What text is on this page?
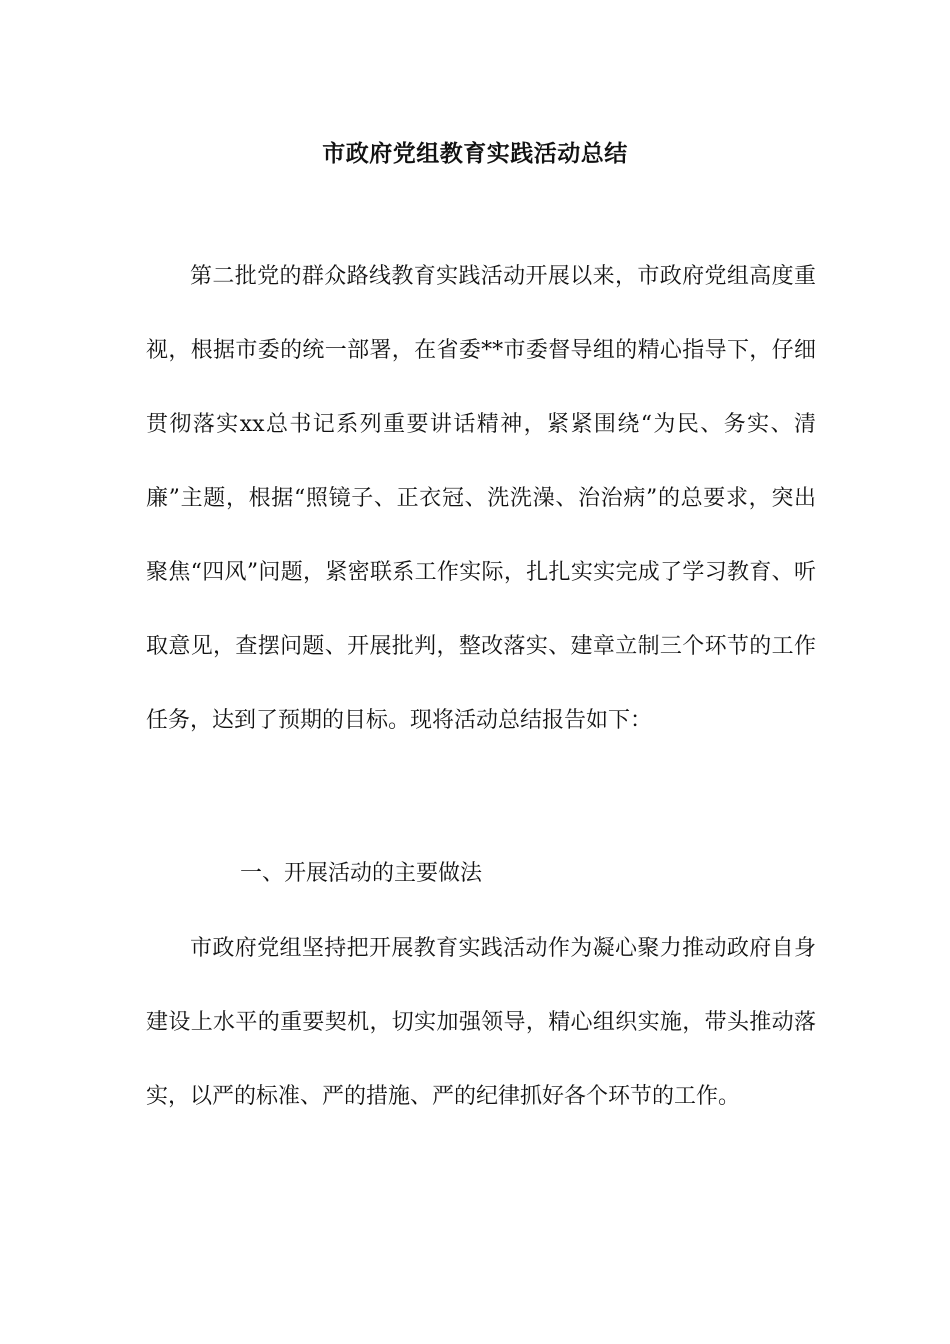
市政府党组教育实践活动总结

第二批党的群众路线教育实践活动开展以来，市政府党组高度重视，根据市委的统一部署，在省委**市委督导组的精心指导下，仔细贯彻落实xx总书记系列重要讲话精神，紧紧围绕“为民、务实、清廉”主题，根据“照镜子、正衣冠、洗洗澡、治治病”的总要求，突出聚焦“四风”问题，紧密联系工作实际，扎扎实实完成了学习教育、听取意见，查摆问题、开展批判，整改落实、建章立制三个环节的工作任务，达到了预期的目标。现将活动总结报告如下：

一、开展活动的主要做法

市政府党组坚持把开展教育实践活动作为凝心聚力推动政府自身建设上水平的重要契机，切实加强领导，精心组织实施，带头推动落实，以严的标准、严的措施、严的纪律抓好各个环节的工作。
